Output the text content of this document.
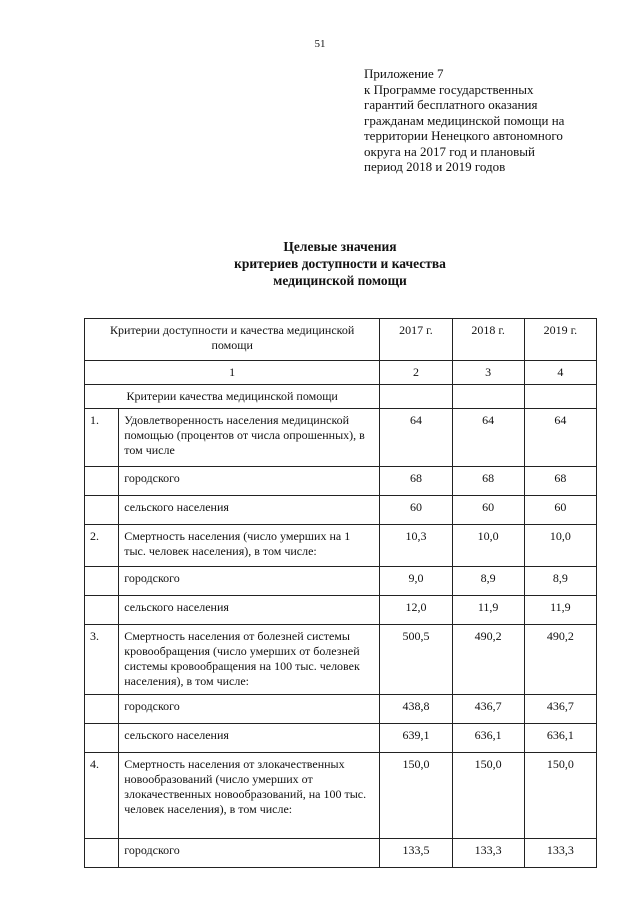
51
Приложение 7
к Программе государственных
гарантий бесплатного оказания
гражданам медицинской помощи на
территории Ненецкого автономного
округа на 2017 год и плановый
период 2018 и 2019 годов
Целевые значения
критериев доступности и качества
медицинской помощи
Критерии доступности и качества медицинской помощи		2017 г.	2018 г.	2019 г.
1		2	3	4
Критерии качества медицинской помощи				
1.	Удовлетворенность населения медицинской помощью (процентов от числа опрошенных), в том числе	64	64	64
	городского	68	68	68
	сельского населения	60	60	60
2.	Смертность населения (число умерших на 1 тыс. человек населения), в том числе:	10,3	10,0	10,0
	городского	9,0	8,9	8,9
	сельского населения	12,0	11,9	11,9
3.	Смертность населения от болезней системы кровообращения (число умерших от болезней системы кровообращения на 100 тыс. человек населения), в том числе:	500,5	490,2	490,2
	городского	438,8	436,7	436,7
	сельского населения	639,1	636,1	636,1
4.	Смертность населения от злокачественных новообразований (число умерших от злокачественных новообразований, на 100 тыс. человек населения), в том числе:	150,0	150,0	150,0
	городского	133,5	133,3	133,3
